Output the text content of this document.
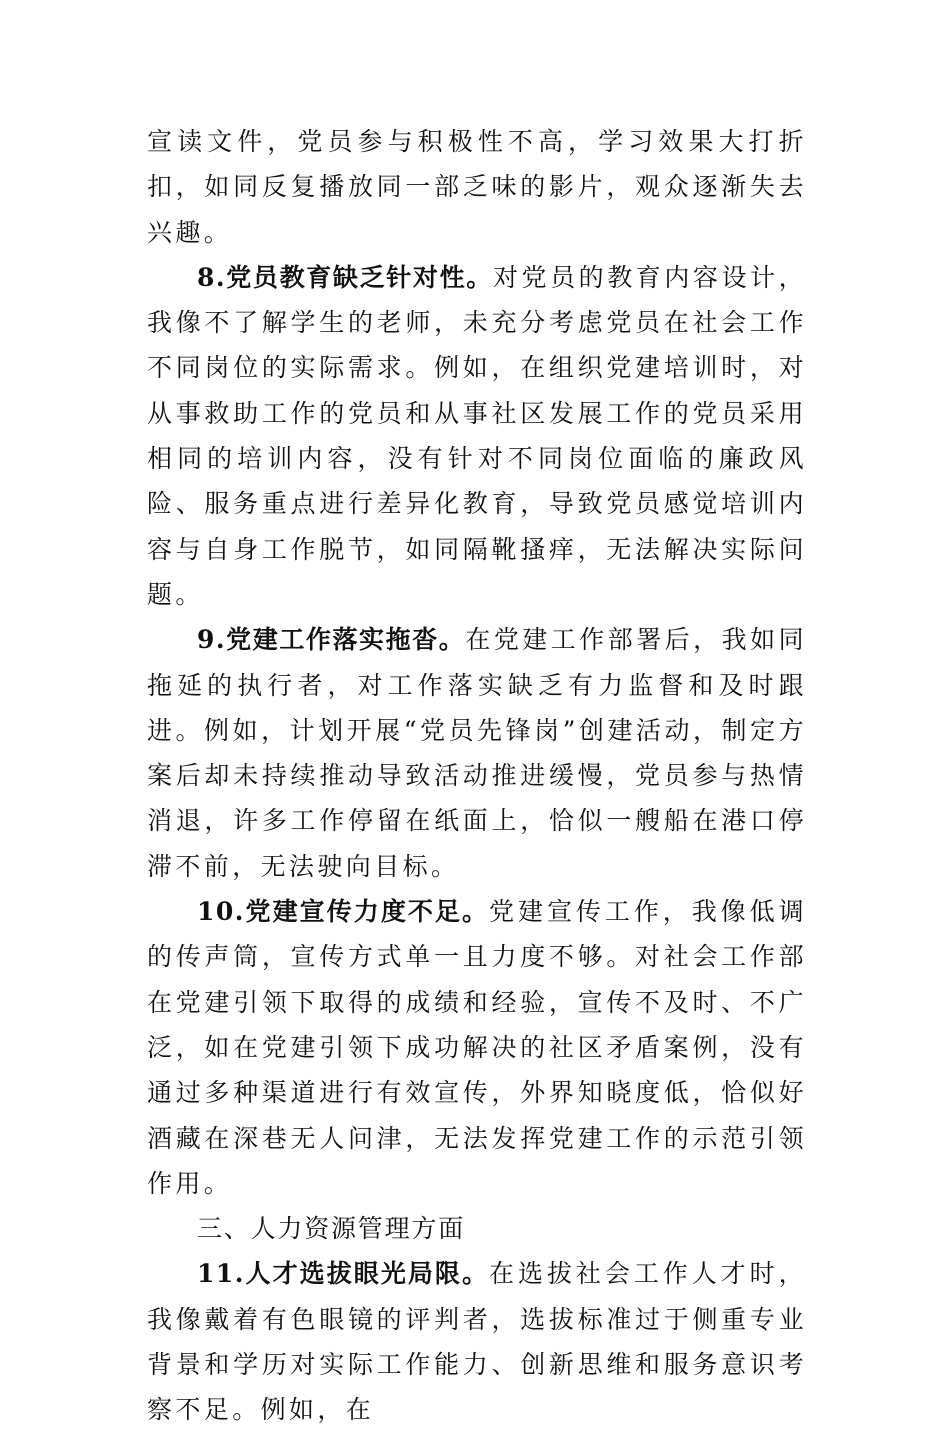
宣读文件，党员参与积极性不高，学习效果大打折扣，如同反复播放同一部乏味的影片，观众逐渐失去兴趣。

8.党员教育缺乏针对性。对党员的教育内容设计，我像不了解学生的老师，未充分考虑党员在社会工作不同岗位的实际需求。例如，在组织党建培训时，对从事救助工作的党员和从事社区发展工作的党员采用相同的培训内容，没有针对不同岗位面临的廉政风险、服务重点进行差异化教育，导致党员感觉培训内容与自身工作脱节，如同隔靴搔痒，无法解决实际问题。

9.党建工作落实拖沓。在党建工作部署后，我如同拖延的执行者，对工作落实缺乏有力监督和及时跟进。例如，计划开展“党员先锋岗”创建活动，制定方案后却未持续推动导致活动推进缓慢，党员参与热情消退，许多工作停留在纸面上，恰似一艘船在港口停滞不前，无法驶向目标。

10.党建宣传力度不足。党建宣传工作，我像低调的传声筒，宣传方式单一且力度不够。对社会工作部在党建引领下取得的成绩和经验，宣传不及时、不广泛，如在党建引领下成功解决的社区矛盾案例，没有通过多种渠道进行有效宣传，外界知晓度低，恰似好酒藏在深巷无人问津，无法发挥党建工作的示范引领作用。

三、人力资源管理方面

11.人才选拔眼光局限。在选拔社会工作人才时，我像戴着有色眼镜的评判者，选拔标准过于侧重专业背景和学历对实际工作能力、创新思维和服务意识考察不足。例如，在
